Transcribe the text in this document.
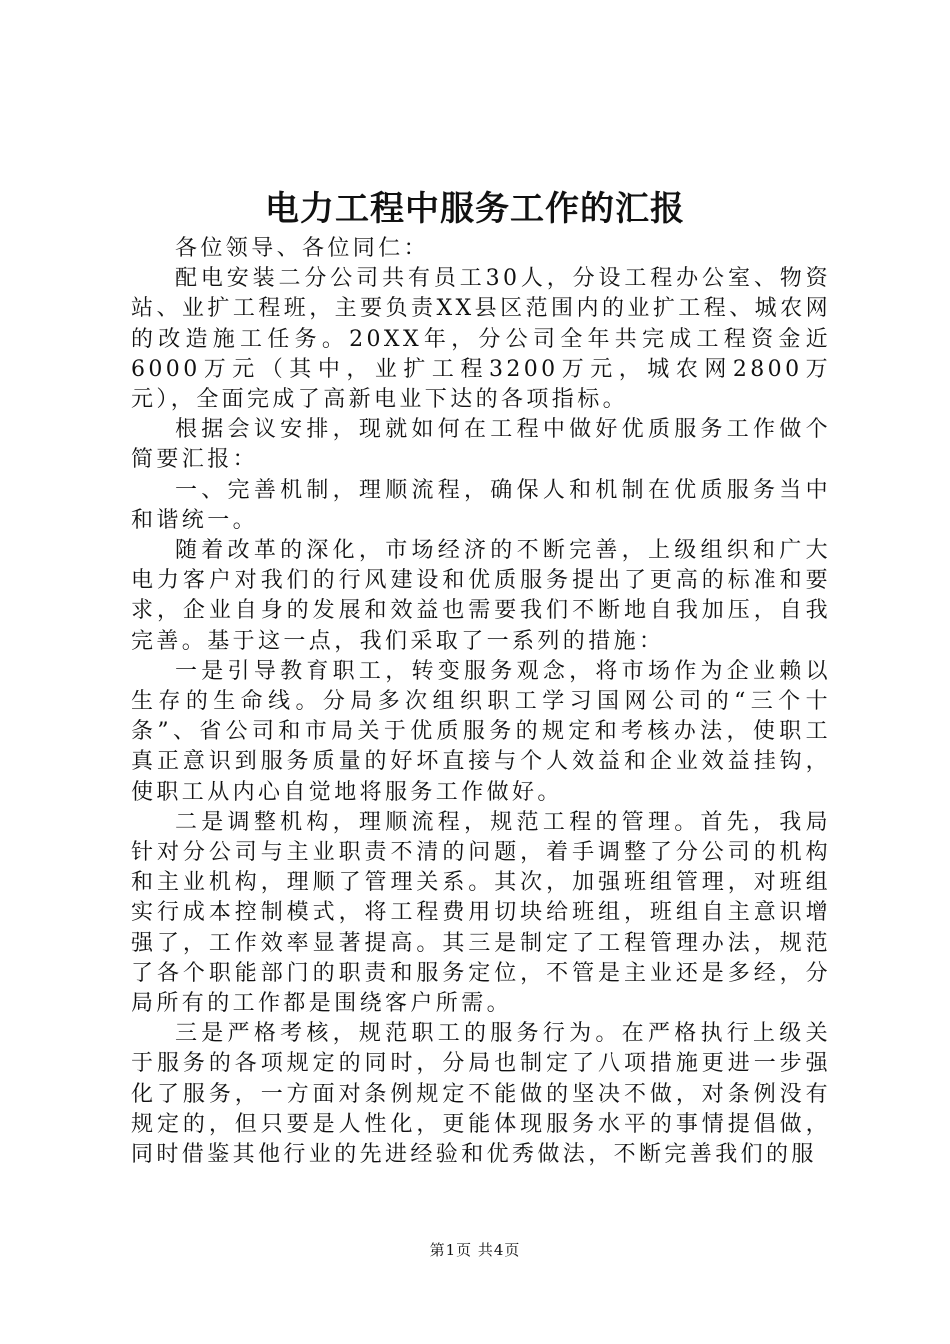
电力工程中服务工作的汇报

各位领导、各位同仁：

配电安装二分公司共有员工30人，分设工程办公室、物资站、业扩工程班，主要负责XX县区范围内的业扩工程、城农网的改造施工任务。20XX年，分公司全年共完成工程资金近6000万元（其中，业扩工程3200万元，城农网2800万元），全面完成了高新电业下达的各项指标。

根据会议安排，现就如何在工程中做好优质服务工作做个简要汇报：

一、完善机制，理顺流程，确保人和机制在优质服务当中和谐统一。

随着改革的深化，市场经济的不断完善，上级组织和广大电力客户对我们的行风建设和优质服务提出了更高的标准和要求，企业自身的发展和效益也需要我们不断地自我加压，自我完善。基于这一点，我们采取了一系列的措施：

一是引导教育职工，转变服务观念，将市场作为企业赖以生存的生命线。分局多次组织职工学习国网公司的“三个十条”、省公司和市局关于优质服务的规定和考核办法，使职工真正意识到服务质量的好坏直接与个人效益和企业效益挂钩，使职工从内心自觉地将服务工作做好。

二是调整机构，理顺流程，规范工程的管理。首先，我局针对分公司与主业职责不清的问题，着手调整了分公司的机构和主业机构，理顺了管理关系。其次，加强班组管理，对班组实行成本控制模式，将工程费用切块给班组，班组自主意识增强了，工作效率显著提高。其三是制定了工程管理办法，规范了各个职能部门的职责和服务定位，不管是主业还是多经，分局所有的工作都是围绕客户所需。

三是严格考核，规范职工的服务行为。在严格执行上级关于服务的各项规定的同时，分局也制定了八项措施更进一步强化了服务，一方面对条例规定不能做的坚决不做，对条例没有规定的，但只要是人性化，更能体现服务水平的事情提倡做，同时借鉴其他行业的先进经验和优秀做法，不断完善我们的服

第1页 共4页
